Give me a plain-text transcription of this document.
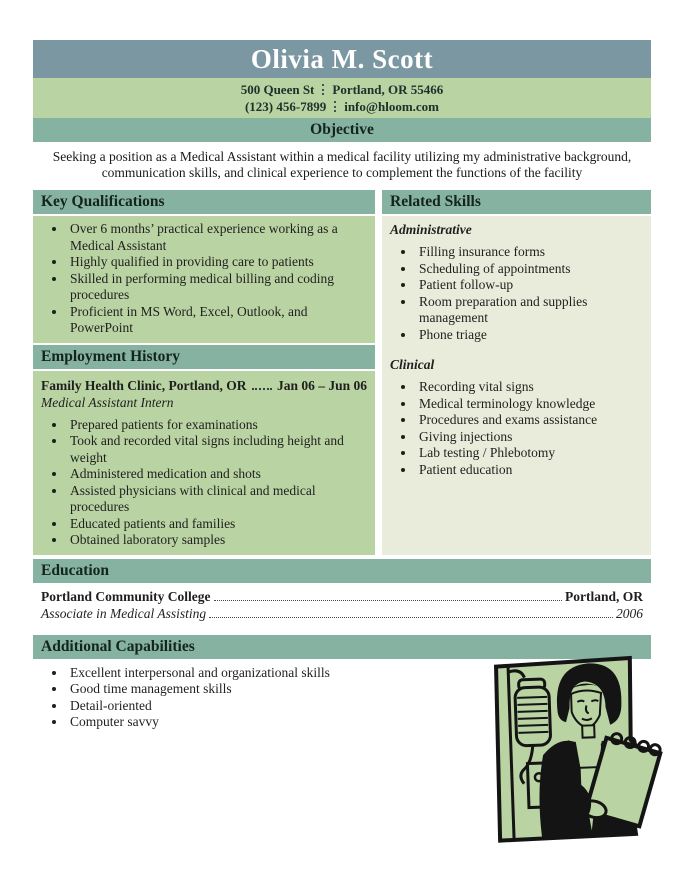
Olivia M. Scott
500 Queen St Portland, OR 55466
(123) 456-7899 info@hloom.com
Objective

Seeking a position as a Medical Assistant within a medical facility utilizing my administrative background, communication skills, and clinical experience to complement the functions of the facility

Key Qualifications
• Over 6 months’ practical experience working as a Medical Assistant
• Highly qualified in providing care to patients
• Skilled in performing medical billing and coding procedures
• Proficient in MS Word, Excel, Outlook, and PowerPoint
Employment History
Family Health Clinic, Portland, OR Jan 06 – Jun 06
Medical Assistant Intern
• Prepared patients for examinations
• Took and recorded vital signs including height and weight
• Administered medication and shots
• Assisted physicians with clinical and medical procedures
• Educated patients and families
• Obtained laboratory samples
Related Skills
Administrative
• Filling insurance forms
• Scheduling of appointments
• Patient follow-up
• Room preparation and supplies management
• Phone triage
Clinical
• Recording vital signs
• Medical terminology knowledge
• Procedures and exams assistance
• Giving injections
• Lab testing / Phlebotomy
• Patient education
Education
Portland Community College	Portland, OR
Associate in Medical Assisting	2006
Additional Capabilities
• Excellent interpersonal and organizational skills
• Good time management skills
• Detail-oriented
• Computer savvy
